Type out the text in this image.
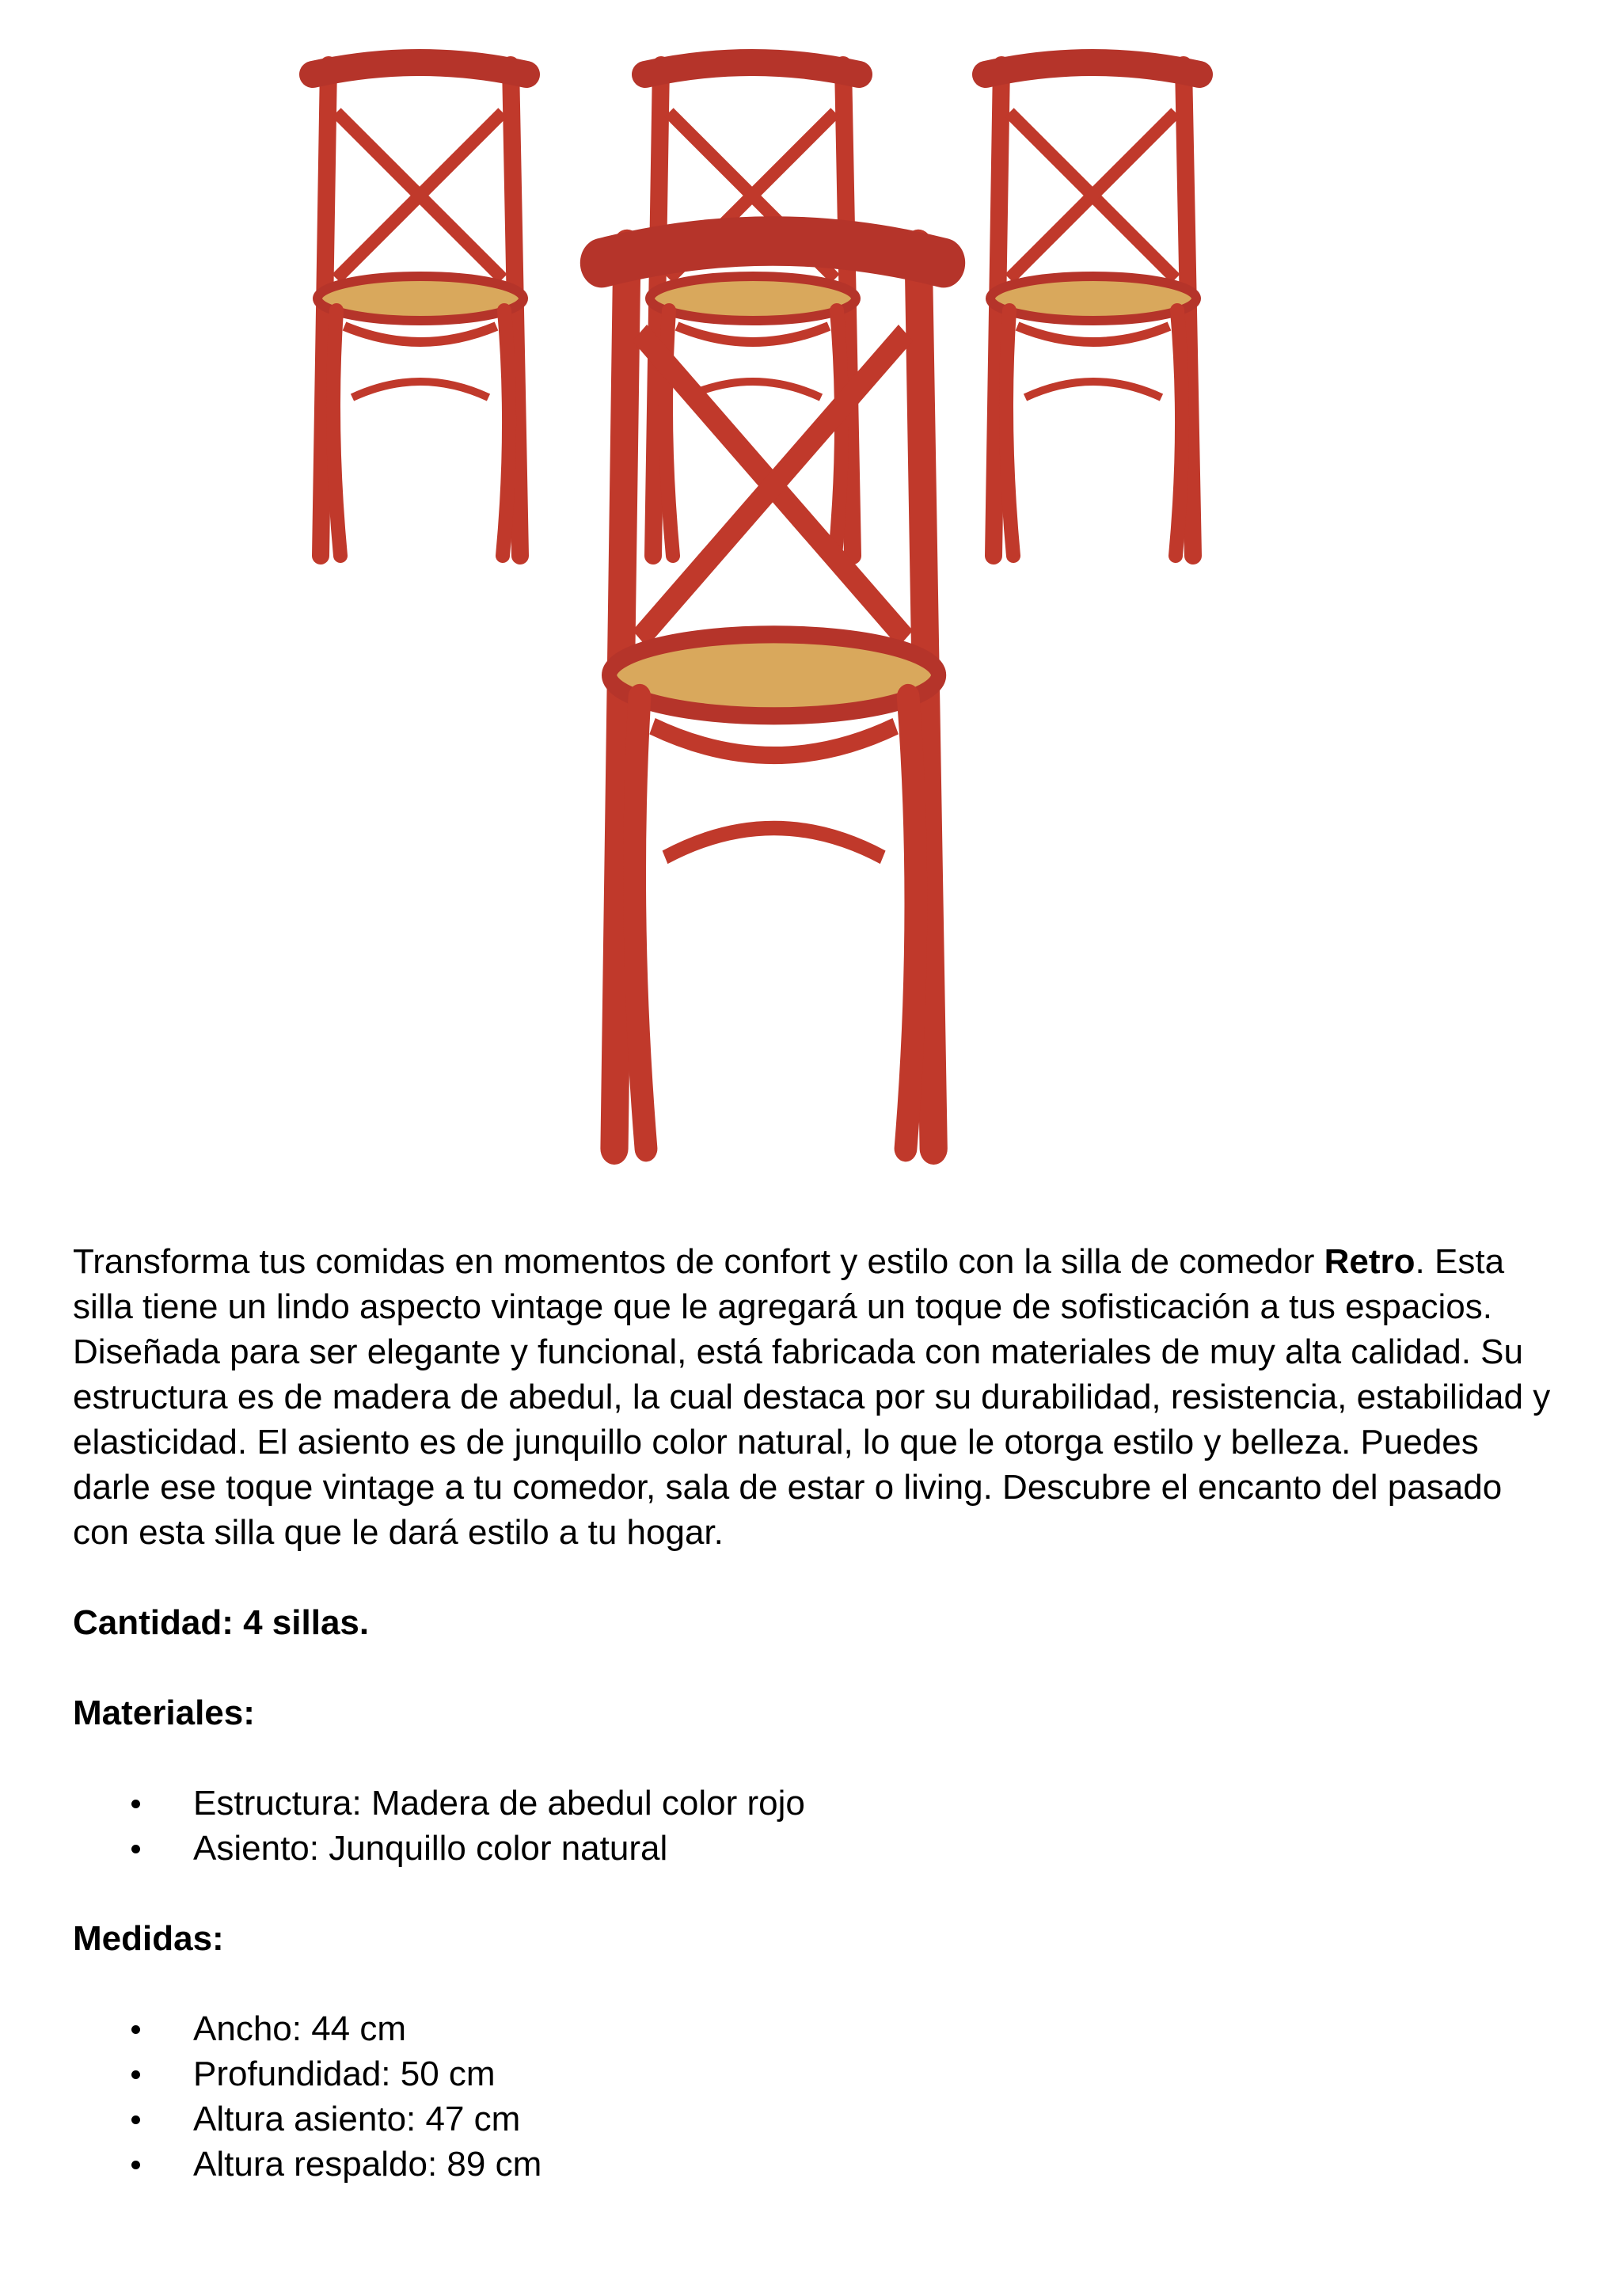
Transforma tus comidas en momentos de confort y estilo con la silla de comedor Retro. Esta silla tiene un lindo aspecto vintage que le agregará un toque de sofisticación a tus espacios. Diseñada para ser elegante y funcional, está fabricada con materiales de muy alta calidad. Su estructura es de madera de abedul, la cual destaca por su durabilidad, resistencia, estabilidad y elasticidad. El asiento es de junquillo color natural, lo que le otorga estilo y belleza. Puedes darle ese toque vintage a tu comedor, sala de estar o living. Descubre el encanto del pasado con esta silla que le dará estilo a tu hogar.

Cantidad: 4 sillas.

Materiales:

Estructura: Madera de abedul color rojo
Asiento: Junquillo color natural

Medidas:

Ancho: 44 cm
Profundidad: 50 cm
Altura asiento: 47 cm
Altura respaldo: 89 cm
